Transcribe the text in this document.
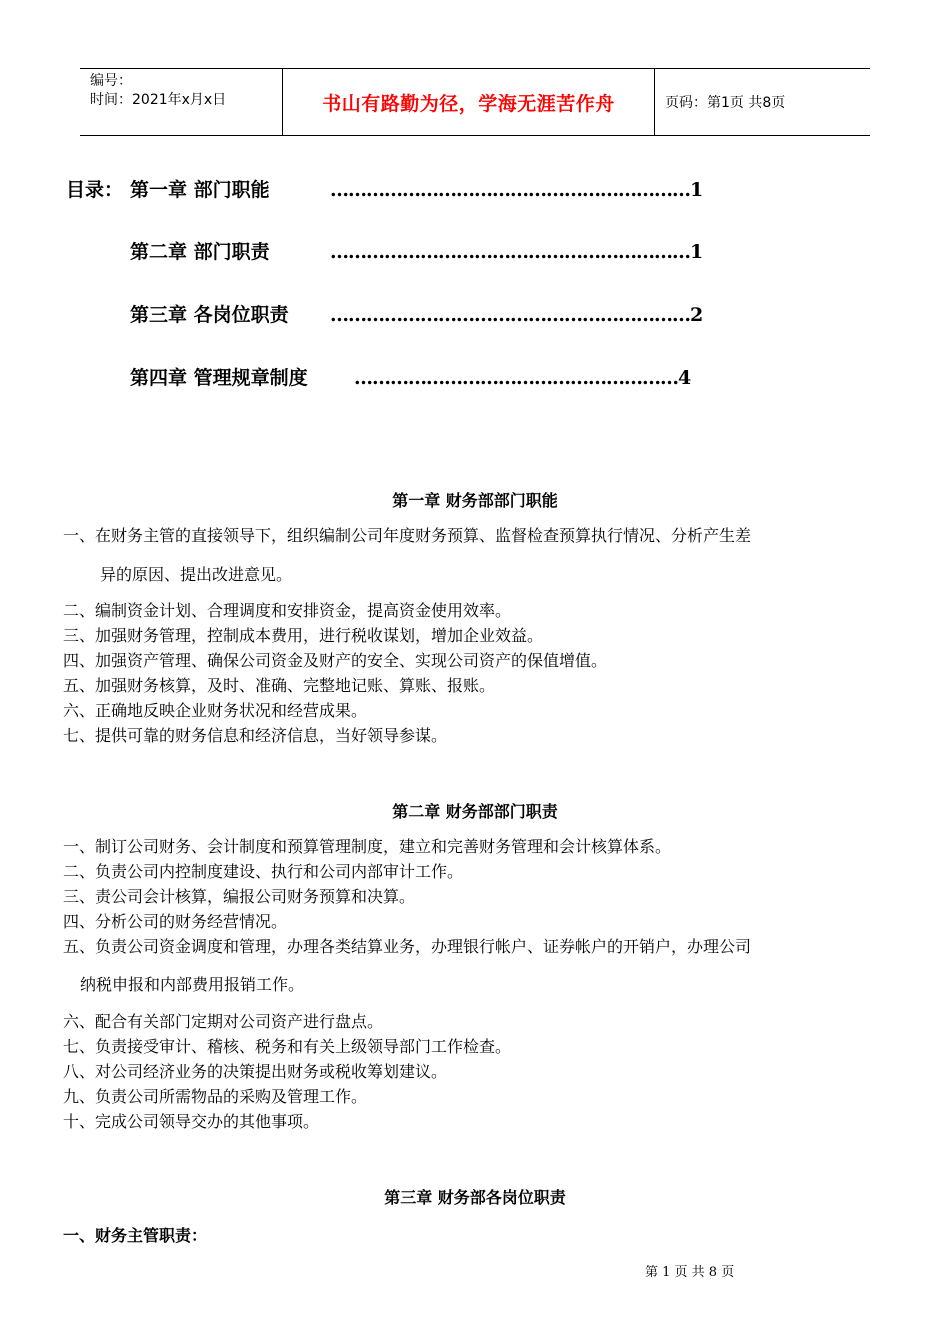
编号：
时间：2021年x月x日	书山有路勤为径，学海无涯苦作舟	页码：第1页 共8页
目录： 第一章 部门职能	…………………………………………………… 1
第二章 部门职责	…………………………………………………… 1
第三章 各岗位职责	…………………………………………………… 2
第四章 管理规章制度	……………………………………………… 4
第一章 财务部部门职能
一、在财务主管的直接领导下，组织编制公司年度财务预算、监督检查预算执行情况、分析产生差
异的原因、提出改进意见。
二、编制资金计划、合理调度和安排资金，提高资金使用效率。
三、加强财务管理，控制成本费用，进行税收谋划，增加企业效益。
四、加强资产管理、确保公司资金及财产的安全、实现公司资产的保值增值。
五、加强财务核算，及时、准确、完整地记账、算账、报账。
六、正确地反映企业财务状况和经营成果。
七、提供可靠的财务信息和经济信息，当好领导参谋。
第二章 财务部部门职责
一、制订公司财务、会计制度和预算管理制度，建立和完善财务管理和会计核算体系。
二、负责公司内控制度建设、执行和公司内部审计工作。
三、责公司会计核算，编报公司财务预算和决算。
四、分析公司的财务经营情况。
五、负责公司资金调度和管理，办理各类结算业务，办理银行帐户、证券帐户的开销户，办理公司
纳税申报和内部费用报销工作。
六、配合有关部门定期对公司资产进行盘点。
七、负责接受审计、稽核、税务和有关上级领导部门工作检查。
八、对公司经济业务的决策提出财务或税收筹划建议。
九、负责公司所需物品的采购及管理工作。
十、完成公司领导交办的其他事项。
第三章 财务部各岗位职责
一、财务主管职责：
第 1 页 共 8 页
